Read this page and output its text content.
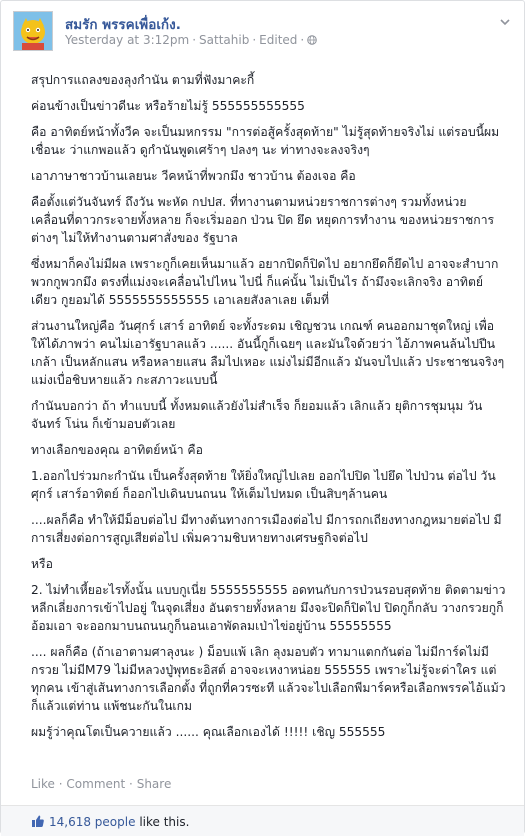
สมรัก พรรคเพื่อเก้ง.
Yesterday at 3:12pm · Sattahib · Edited ·

สรุปการแถลงของลุงกำนัน ตามที่ฟังมาคะกี้

ค่อนข้างเป็นข่าวดีนะ หรือร้ายไม่รู้ 555555555555

คือ อาทิตย์หน้าทั้งวีค จะเป็นมหกรรม "การต่อสู้ครั้งสุดท้าย" ไม่รู้สุดท้ายจริงไม่ แต่รอบนี้ผมเชื่อนะ ว่าแกพอแล้ว ดูกำนันพูดเศร้าๆ ปลงๆ นะ ท่าทางจะลงจริงๆ

เอาภาษาชาวบ้านเลยนะ วีคหน้าที่พวกมึง ชาวบ้าน ต้องเจอ คือ

คือตั้งแต่วันจันทร์ ถึงวัน พะหัด กปปส. ที่ทางานตามหน่วยราชการต่างๆ รวมทั้งหน่วยเคลื่อนที่ดาวกระจายทั้งหลาย ก็จะเริ่มออก ป่วน ปิด ยึด หยุดการทำงาน ของหน่วยราชการต่างๆ ไม่ให้ทำงานตามศาสั่งของ รัฐบาล

ซึ่งหมาก็คงไม่มีผล เพราะกูก็เคยเห็นมาแล้ว อยากปิดก็ปิดไป อยากยึดก็ยึดไป อาจจะสำบาก พวกกูพวกมึง ตรงที่แม่งจะเคลื่อนไปไหน ไปนี่ ก็แค่นั้น ไม่เป็นไร ถ้ามึงจะเลิกจริง อาทิตย์เดียว กูยอมได้ 5555555555555 เอาเลยสังลาเลย เต็มที่

ส่วนงานใหญ่คือ วันศุกร์ เสาร์ อาทิตย์ จะทั้งระดม เชิญชวน เกณฑ์ คนออกมาชุดใหญ่ เพื่อให้ได้ภาพว่า คนไม่เอารัฐบาลแล้ว ...... อันนี้กูก็เฉยๆ และมันใจด้วยว่า ไอ้ภาพคนล้นไปปีนเกล้า เป็นหลักแสน หรือหลายแสน ลืมไปเหอะ แม่งไม่มีอีกแล้ว มันจบไปแล้ว ประชาชนจริงๆ แม่งเบื่อชิบหายแล้ว กะสภาวะแบบนี้

กำนันบอกว่า ถ้า ทำแบบนี้ ทั้งหมดแล้วยังไม่สำเร็จ ก็ยอมแล้ว เลิกแล้ว ยุติการชุมนุม วันจันทร์ โน่น ก็เข้ามอบตัวเลย

ทางเลือกของคุณ อาทิตย์หน้า คือ

1.ออกไปร่วมกะกำนัน เป็นครั้งสุดท้าย ให้ยิ่งใหญ่ไปเลย ออกไปปิด ไปยึด ไปป่วน ต่อไป วันศุกร์ เสาร์อาทิตย์ ก็ออกไปเดินบนถนน ให้เต็มไปหมด เป็นสิบๆล้านคน

....ผลก็คือ ทำให้มีม็อบต่อไป มีทางต้นทางการเมืองต่อไป มีการถกเถียงทางกฎหมายต่อไป มีการเสี่ยงต่อการสูญเสียต่อไป เพิ่มความชิบหายทางเศรษฐกิจต่อไป

หรือ

2. ไม่ทำเหี้ยอะไรทั้งนั้น แบบกูเนี่ย 5555555555 อดทนกับการป่วนรอบสุดท้าย ติดตามข่าว หลีกเลี่ยงการเข้าไปอยู่ ในจุดเสี่ยง อันตรายทั้งหลาย มึงจะปิดก็ปิดไป ปิดกูก็กลับ วางกรวยกูก็อ้อมเอา จะออกมาบนถนนกูก็นอนเอาพัดลมเป่าไข่อยู่บ้าน 55555555

.... ผลก็คือ (ถ้าเอาตามศาลุงนะ ) ม็อบแพ้ เลิก ลุงมอบตัว ทามาแตกกันต่อ ไม่มีการ์ดไม่มีกรวย ไม่มีM79 ไม่มีหลวงปู่พุทธะอิสต์ อาจจะเหงาหน่อย 555555 เพราะไม่รู้จะด่าใคร แต่ทุกคน เข้าสู่เส้นทางการเลือกตั้ง ที่ถูกที่ควรซะที แล้วจะไปเลือกพีมาร์คหรือเลือกพรรคไอ้แม้ว ก็แล้วแต่ท่าน แพ้ชนะกันในเกม

ผมรู้ว่าคุณโตเป็นควายแล้ว ...... คุณเลือกเองได้ !!!!! เชิญ 555555

Like · Comment · Share
14,618 people like this.
